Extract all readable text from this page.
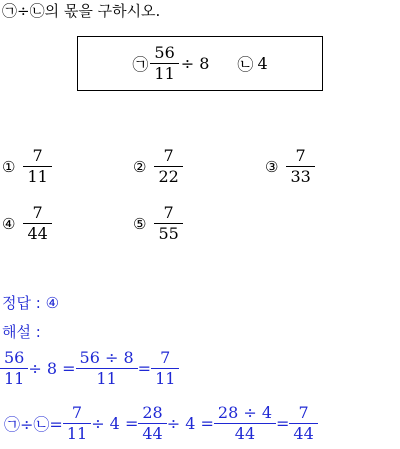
㉠÷㉡의 몫을 구하시오.
㉠ $\frac{56}{11} \div 8$ ㉡ 4
① $\frac{7}{11}$	② $\frac{7}{22}$	③ $\frac{7}{33}$
④ $\frac{7}{44}$	⑤ $\frac{7}{55}$
정답 : ④
해설 :
$\frac{56}{11} \div 8 = \frac{56 \div 8}{11} = \frac{7}{11}$
㉠÷㉡= $\frac{7}{11} \div 4 = \frac{28}{44} \div 4 = \frac{28 \div 4}{44} = \frac{7}{44}$
